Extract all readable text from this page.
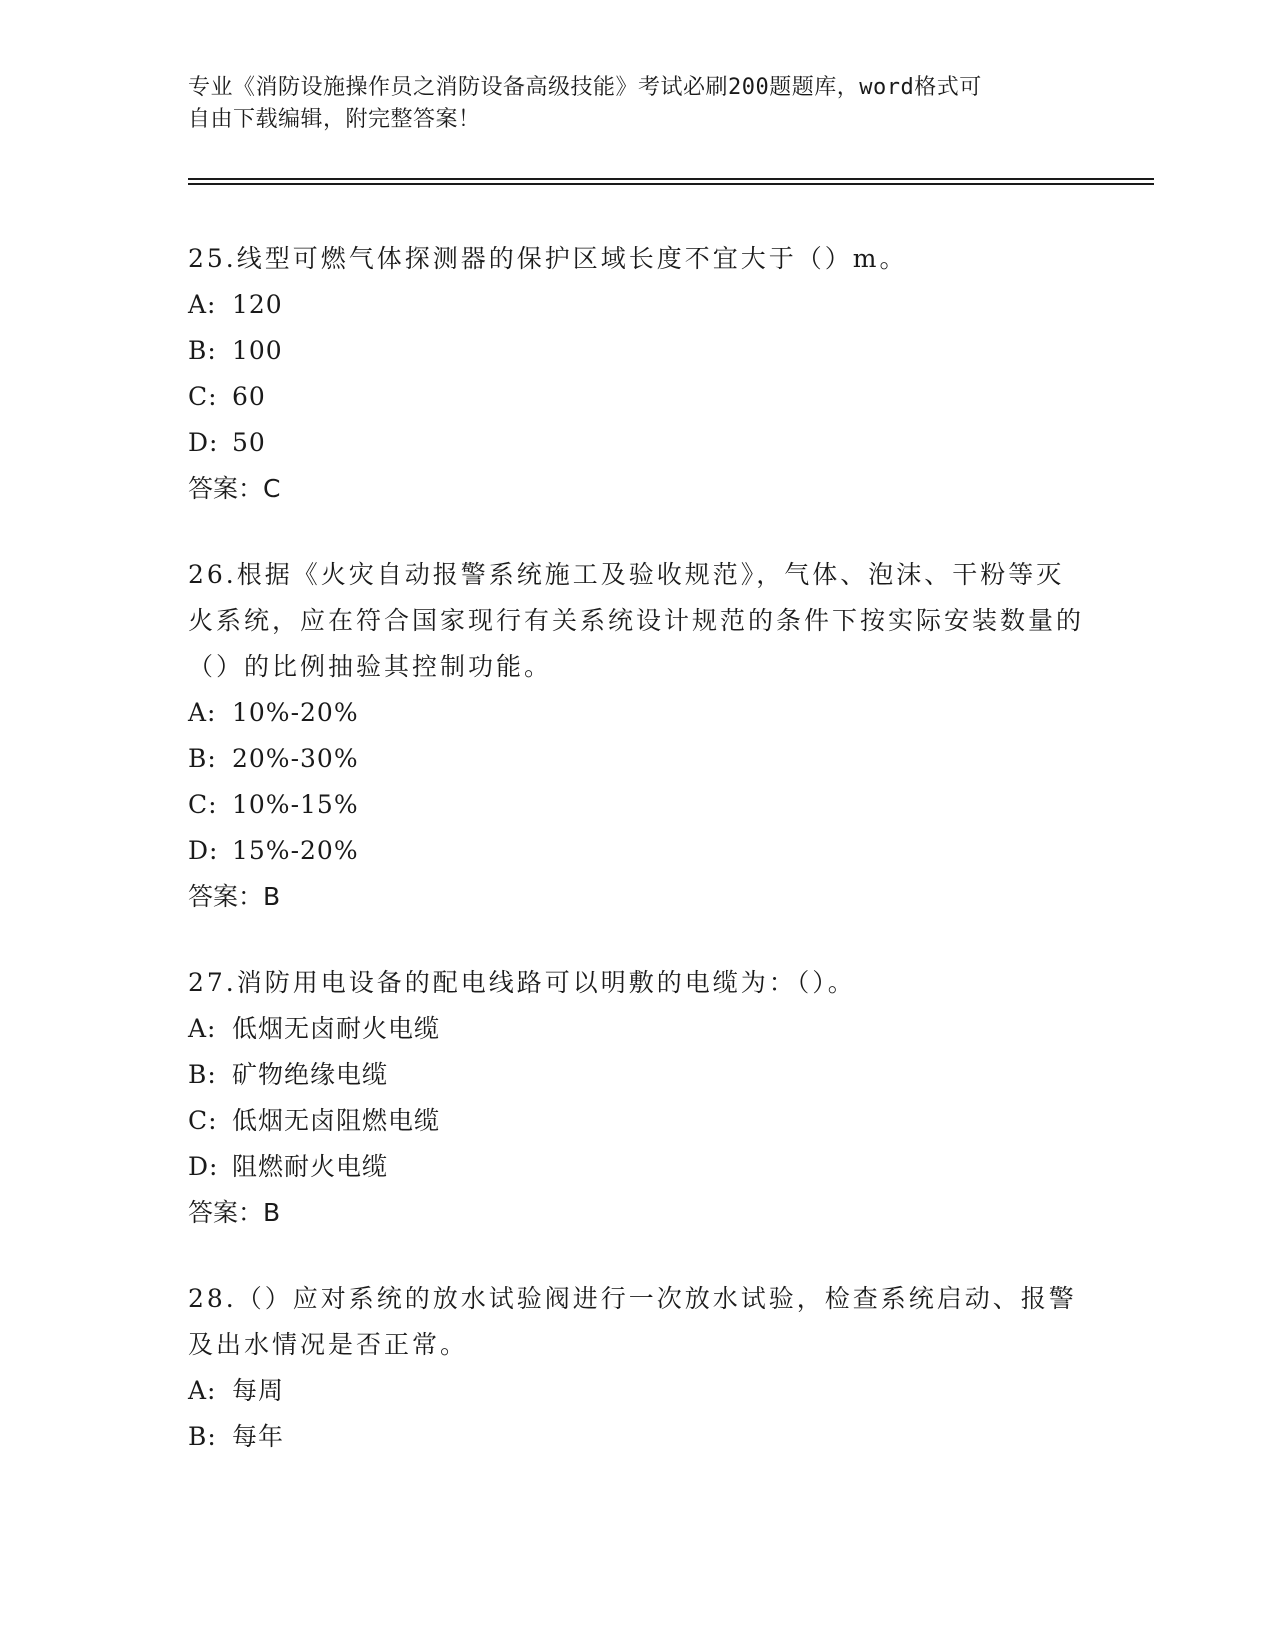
专业《消防设施操作员之消防设备高级技能》考试必刷200题题库，word格式可
自由下载编辑，附完整答案！

25.线型可燃气体探测器的保护区域长度不宜大于（）m。

A: 120

B: 100

C: 60

D: 50

答案：C

26.根据《火灾自动报警系统施工及验收规范》，气体、泡沫、干粉等灭火系统，应在符合国家现行有关系统设计规范的条件下按实际安装数量的（）的比例抽验其控制功能。

A: 10%-20%

B: 20%-30%

C: 10%-15%

D: 15%-20%

答案：B

27.消防用电设备的配电线路可以明敷的电缆为：（）。

A: 低烟无卤耐火电缆

B: 矿物绝缘电缆

C: 低烟无卤阻燃电缆

D: 阻燃耐火电缆

答案：B

28.（）应对系统的放水试验阀进行一次放水试验，检查系统启动、报警及出水情况是否正常。

A: 每周

B: 每年
